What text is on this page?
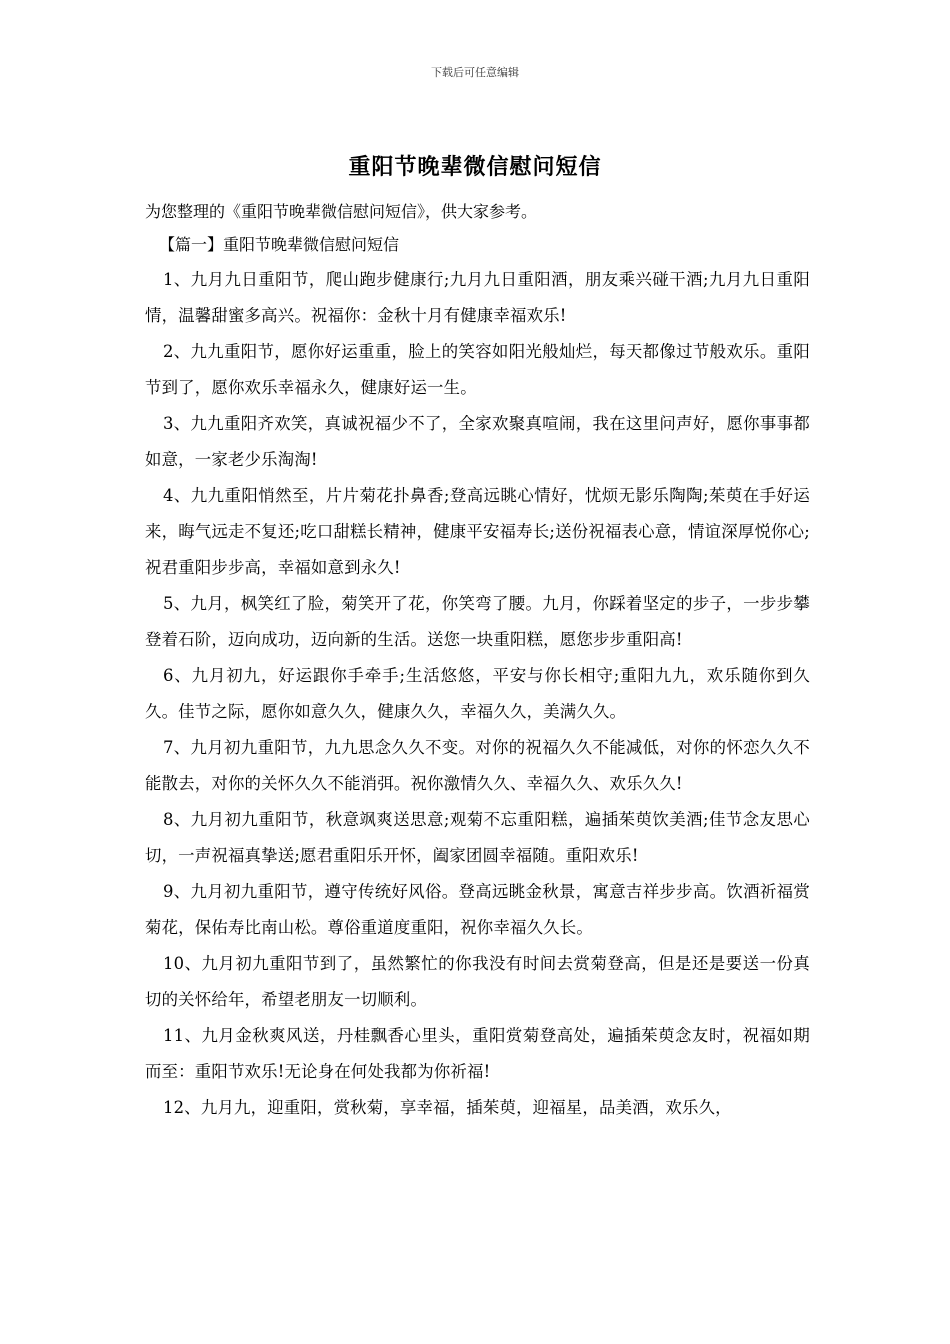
下载后可任意编辑
重阳节晚辈微信慰问短信

为您整理的《重阳节晚辈微信慰问短信》，供大家参考。

【篇一】重阳节晚辈微信慰问短信

1、九月九日重阳节，爬山跑步健康行;九月九日重阳酒，朋友乘兴碰干酒;九月九日重阳情，温馨甜蜜多高兴。祝福你：金秋十月有健康幸福欢乐!

2、九九重阳节，愿你好运重重，脸上的笑容如阳光般灿烂，每天都像过节般欢乐。重阳节到了，愿你欢乐幸福永久，健康好运一生。

3、九九重阳齐欢笑，真诚祝福少不了，全家欢聚真喧闹，我在这里问声好，愿你事事都如意，一家老少乐淘淘!

4、九九重阳悄然至，片片菊花扑鼻香;登高远眺心情好，忧烦无影乐陶陶;茱萸在手好运来，晦气远走不复还;吃口甜糕长精神，健康平安福寿长;送份祝福表心意，情谊深厚悦你心;祝君重阳步步高，幸福如意到永久!

5、九月，枫笑红了脸，菊笑开了花，你笑弯了腰。九月，你踩着坚定的步子，一步步攀登着石阶，迈向成功，迈向新的生活。送您一块重阳糕，愿您步步重阳高!

6、九月初九，好运跟你手牵手;生活悠悠，平安与你长相守;重阳九九，欢乐随你到久久。佳节之际，愿你如意久久，健康久久，幸福久久，美满久久。

7、九月初九重阳节，九九思念久久不变。对你的祝福久久不能减低，对你的怀恋久久不能散去，对你的关怀久久不能消弭。祝你激情久久、幸福久久、欢乐久久!

8、九月初九重阳节，秋意飒爽送思意;观菊不忘重阳糕，遍插茱萸饮美酒;佳节念友思心切，一声祝福真挚送;愿君重阳乐开怀，阖家团圆幸福随。重阳欢乐!

9、九月初九重阳节，遵守传统好风俗。登高远眺金秋景，寓意吉祥步步高。饮酒祈福赏菊花，保佑寿比南山松。尊俗重道度重阳，祝你幸福久久长。

10、九月初九重阳节到了，虽然繁忙的你我没有时间去赏菊登高，但是还是要送一份真切的关怀给年，希望老朋友一切顺利。

11、九月金秋爽风送，丹桂飘香心里头，重阳赏菊登高处，遍插茱萸念友时，祝福如期而至：重阳节欢乐!无论身在何处我都为你祈福!

12、九月九，迎重阳，赏秋菊，享幸福，插茱萸，迎福星，品美酒，欢乐久，
